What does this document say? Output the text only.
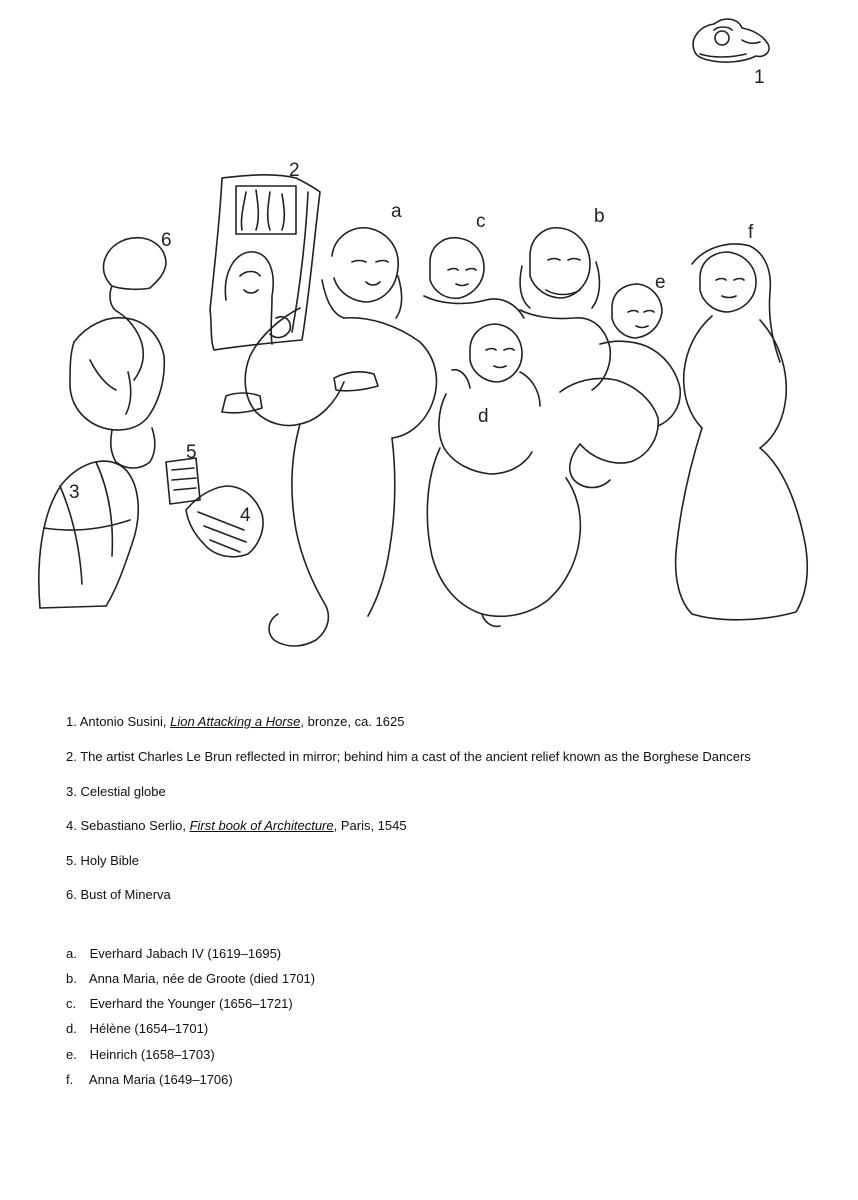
1
2
3
4
5
6
a	b
c
d
e
f
1. Antonio Susini, Lion Attacking a Horse, bronze, ca. 1625
2. The artist Charles Le Brun reflected in mirror; behind him a cast of the ancient relief known as the Borghese Dancers
3. Celestial globe
4. Sebastiano Serlio, First book of Architecture, Paris, 1545
5. Holy Bible
6. Bust of Minerva
a. Everhard Jabach IV (1619–1695)
b. Anna Maria, née de Groote (died 1701)
c. Everhard the Younger (1656–1721)
d. Hélène (1654–1701)
e. Heinrich (1658–1703)
f. Anna Maria (1649–1706)
